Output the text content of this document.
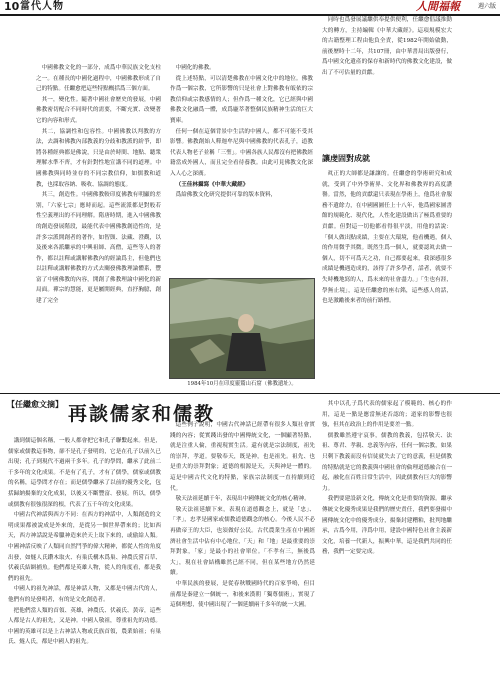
10 當代人物	人間福報	週六版

中國佛教文化的一部分，成爲中華民族文化支柱之一。在種長的中國化過程中，中國佛教形成了自己的特點。任繼愈把這些特點概括爲三個方面。

其一，變化性。隨著中國社會歷史的發展，中國佛教密切配合不同時代的需要，不斷充實、改變著它的內容和形式。

其二，協調性和包容性。中國佛教以判教的方法，去調和佛教內部教義的分歧和教派的紛爭，即將各種經典都是佛說，只是由於時間、地點、聽衆理解水準不齊，才有針對性地宣講不同的道理。中國佛教與同時並存的不同宗教信仰，如儒教和道教，也採取容納、吸收、協調的態度。

其三，創造性。中國佛教較印度佛教有明顯的差別，「六家七宗」應時而起。這些流派都是對般若性空義理出的不同理解。隋唐時期，進入中國佛教的創造發展階段，最能代表中國佛教創造性的，是許多宗派開創者的著作，如智顗、法藏、澄觀，以及後來各派繼承的中興祖師、高僧，這些等人的著作，都以註釋或講解佛教內的經論爲主，但他們也以註釋或講解佛教的方式去闡發佛教理論體系，豐富了中國佛教的內容，開創了佛教理論中國化的新局面。禪宗的慧能，更是屬開經典，直抒胸臆，創建了完全

中國化的佛教。

從上述特點，可以清楚佛教在中國文化中的地位。佛教作爲一個宗教，它所影響的只是社會上對佛教有皈依的宗教信仰或宗教感情的人；但作爲一種文化，它已經與中國佛教文化融爲一體，成爲龐萃著整個民族精神生活的巨大寶庫。

任何一個在這個背景中生活的中國人，都不可能不受其影響。佛教創始人釋迦牟尼與中國佛教的代表孔子，道教代表人物老子並稱「三聖」。中國各族人民都沒有把佛教經籍當成外國人，而且完全看待養教。由此可見佛教文化深入人心之深廣。

（王佳林攝寫《中華大藏經》

爲給佛教文化研究提供可靠的版本資料，

1984年10月在印度靈鷲山石窟（佛教遺址）。

同時也爲發展議繼供奉提供便利，任繼愈倡議推動大的轉方，主持編輯《中華大藏經》。這項規模宏大的古籍整理工程由他負全責，從1982年開始啟動，前後歷時十二年，共107冊，由中華書局出版發行，爲中國文化遺產的保存和新時代的佛教文化建設，做出了不可估量的貢獻。

讓虔固對成就

眞正的大師都是謙讓的。任繼愈的學術研究和成就，受到了中外學術界、文化界和佛教界的高度讚譽。當然，他的貢獻還只表現在學術上，他爲社會服務不遺餘力，在中國國圖任上十八年，他爲國家圖書館的規範化、現代化，人性化建設做出了極爲重要的貢獻。但對這一切他都看得很平淡，用他的話說：「個人做出點成績，主要在大環境，他看機遇，個人的作用微乎其微。既然生爲一個人，就要認眞去做一個人，切不可爲天之功，自己都要起來，我深感很多成績是機遇造成的，該得了許多學者，話者，就要不失時機地寫的人，爲未來的社會盡力。」「生也有涯，學無止境」，這是任繼愈的座右銘，這些感人的話，也是激勵後來者的前行路標。

【任繼愈文摘】 再談儒家和儒教

講到儒這個名稱，一般人都會把它和孔子聯繫起來。但是，儒家或儒教這事物，卻不是孔子發明的，它是在孔子以前久已出現；孔子到現代不過兩千多年。孔子的學問，繼承了此前二千多年的文化成果。不是有了孔子，才有了儒學，儒家或儒教的名稱，這學問才存在；而是儒學繼承了以前的優秀文化，包括歸納揚棄的文化成果，以後又不斷豐富、發展。所以，儒學或儒教有很強很深的根，代表了五千年的文化成果。

中國古代神話與西方不同：在西方的神話中，人類創造的文明成果都被說成是外來的，是從另一個世界帶來的；比如西天，西方神話說是希臘神造來於天上取下來的，或偷給人類。中國神話反映了人類同自然鬥爭的偉大精神，都從人性的角度出發，如燧人氏鑽木取火、有巢氏構木爲巢、神農氏嘗百草、伏羲氏結網捕魚。他們都是英雄人物，從人的角度看，都是我們的祖先。

中國人的祖先神話，都是神話人物，又都是中國古代的人，他們有的是發明者，有的是文化創造者。

把他們當人類的首領、英雄，神農氏、伏羲氏、黃帝，這些人都是古人的祖先，又是神。中國人敬祖，尊重祖先的功德。中國的英雄可以是上古神話人物或氏族首領，農業始祖；有巢氏、燧人氏，都是中國人的祖先。

這些例子說明，中國古代神話已經帶有很多人類社會實踐的內容；從實踐出發的中國傳統文化，一個顯著特點，就是注重人倫，重視現實生活。還有就是宗法制度，祖先的崇拜，孝道。要敬奉天，既是神，也是祖先。祖先、也是重大的崇拜對象；道德的根源是天，天與神是一體的。這是中國古代文化的特點，家族宗法制度一直持續到近代。

敬天法祖延續千年，表現出中國傳統文化的核心精神。

敬天法祖延續下來，表現在道德觀念上，就是「忠」、「孝」，忠孝是國家或儒教道德觀念的核心。今後人民不必再做帝王的大臣，也須做好公民。古代農業生產在中國經濟社會生活中佔有中心地位，「天」和「地」是最重要的崇拜對象，「家」是最小的社會單位。「不孝有三，無後爲大」，現在社會結構雖然已經不同，但在某些地方仍然延續。

中華民族的發展，是從春秋戰國時代的百家爭鳴，但目前都是秦建立一個統一，和後來漢朝「獨尊儒術」，實現了這個理想，使中國出現了一個延續兩千多年的統一大國。

其中以孔子爲代表的儒家起了模範的、核心的作用，這是一點是應當無述否認的；道家的影響也很強，但其在政治上的作用是要差一點。

儒教雖然遵守哀事，儒教的教義，包括敬天、法祖、尊君、孝親、忠義等內容，任何一個宗教，如果只剩下教義而沒有信徒就失去了它的意義，但是儒教的特點就是它的教義與中國社會的倫理道德融合在一起，融化在百姓日常生活中，因此儒教有巨大的影響力。

我們要建設新文化，傳統文化是重要的資源。繼承傳統文化優秀成果是我們的歷史責任，我們要發揚中國傳統文化中的優秀成分，揚棄封建糟粕，批判地繼承，古爲今用，洋爲中用，建設中國特色社會主義新文化，培養一代新人，振興中華，這是我們共同的任務，我們一定要完成。
